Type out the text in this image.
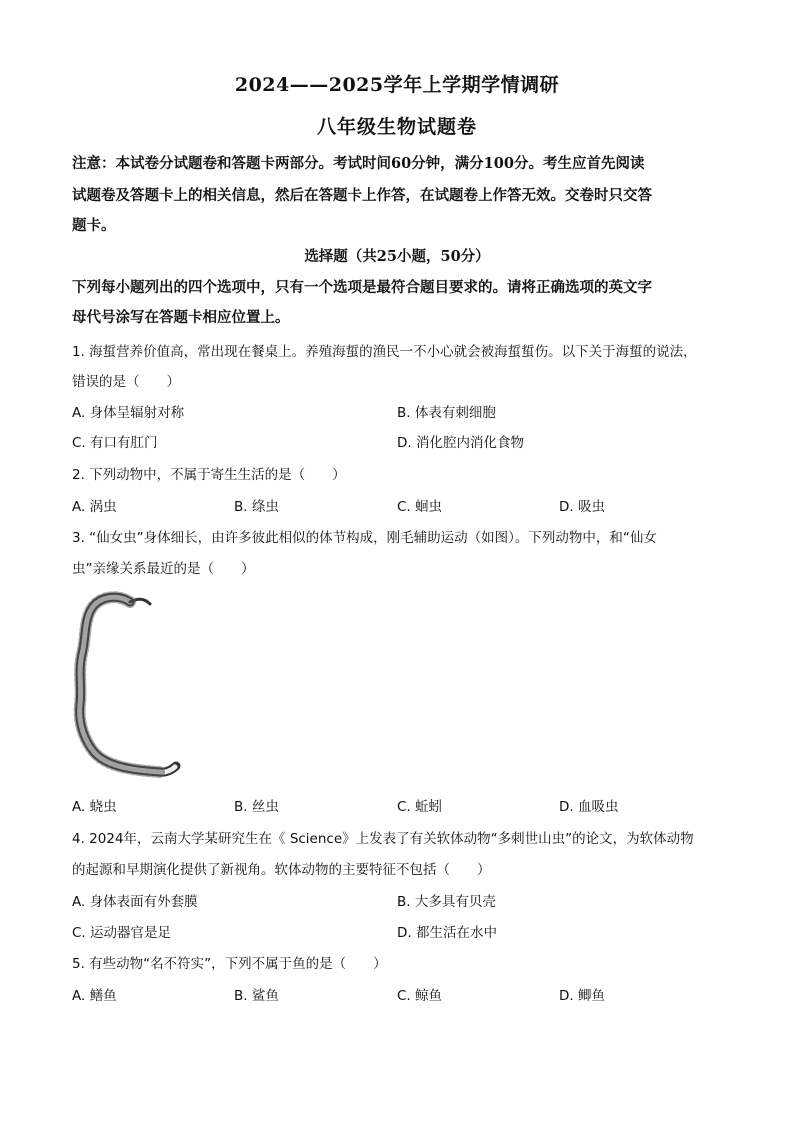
2024——2025学年上学期学情调研
八年级生物试题卷
注意：本试卷分试题卷和答题卡两部分。考试时间60分钟，满分100分。考生应首先阅读
试题卷及答题卡上的相关信息，然后在答题卡上作答，在试题卷上作答无效。交卷时只交答
题卡。
选择题（共25小题，50分）
下列每小题列出的四个选项中，只有一个选项是最符合题目要求的。请将正确选项的英文字
母代号涂写在答题卡相应位置上。
1. 海蜇营养价值高，常出现在餐桌上。养殖海蜇的渔民一不小心就会被海蜇蜇伤。以下关于海蜇的说法，
错误的是（　　）
A. 身体呈辐射对称	B. 体表有刺细胞
C. 有口有肛门	D. 消化腔内消化食物
2. 下列动物中，不属于寄生生活的是（　　）
A. 涡虫	B. 绦虫	C. 蛔虫	D. 吸虫
3. “仙女虫”身体细长，由许多彼此相似的体节构成，刚毛辅助运动（如图）。下列动物中，和“仙女
虫”亲缘关系最近的是（　　）
A. 蛲虫	B. 丝虫	C. 蚯蚓	D. 血吸虫
4. 2024年，云南大学某研究生在《 Science》上发表了有关软体动物“多刺世山虫”的论文，为软体动物
的起源和早期演化提供了新视角。软体动物的主要特征不包括（　　）
A. 身体表面有外套膜	B. 大多具有贝壳
C. 运动器官是足	D. 都生活在水中
5. 有些动物“名不符实”，下列不属于鱼的是（　　）
A. 鳝鱼	B. 鲨鱼	C. 鲸鱼	D. 鲫鱼
